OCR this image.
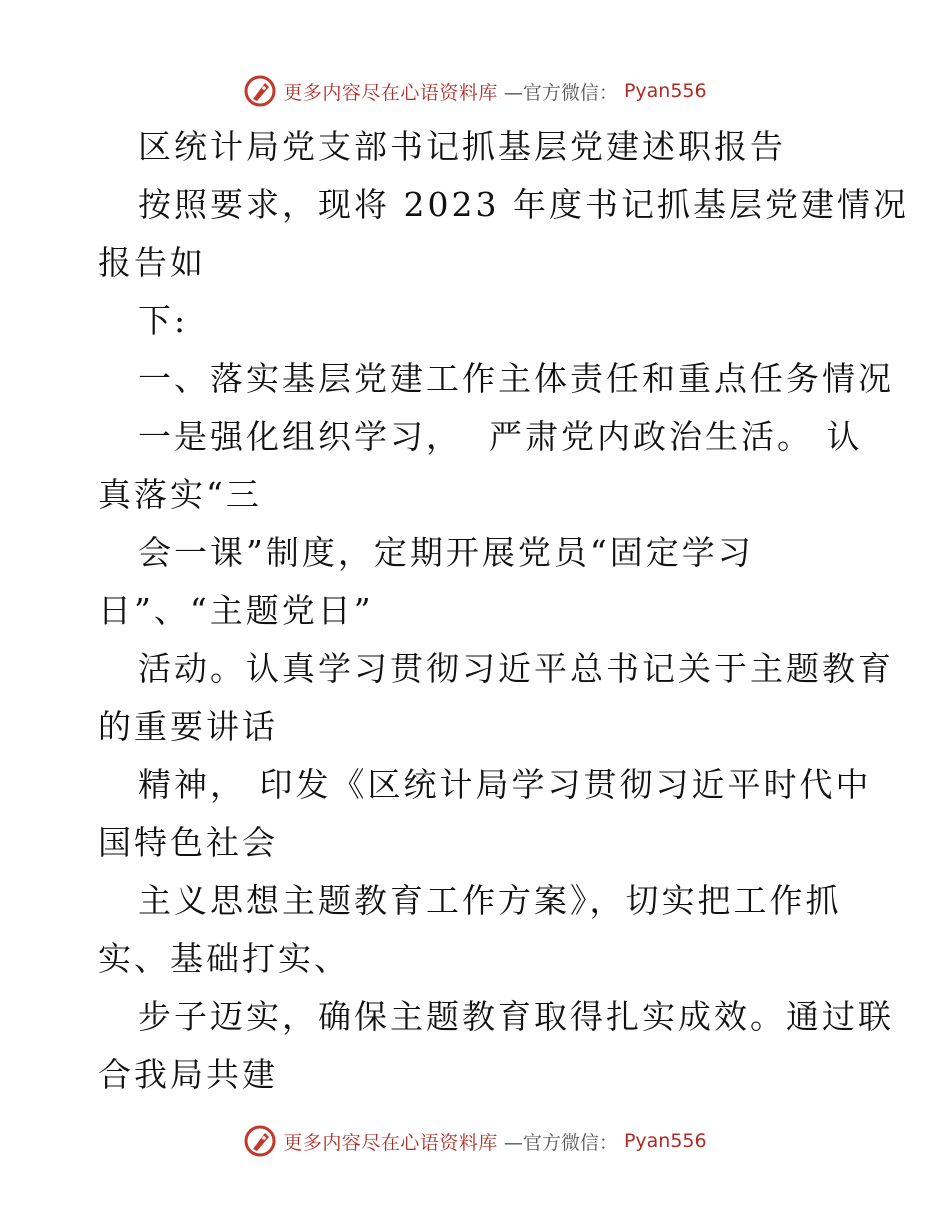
更多内容尽在心语资料库 —官方微信： Pyan556
区统计局党支部书记抓基层党建述职报告
按照要求，现将 2023 年度书记抓基层党建情况
报告如
下:
一、落实基层党建工作主体责任和重点任务情况
一是强化组织学习，  严肃党内政治生活。 认
真落实“三
会一课”制度，定期开展党员“固定学习
日”、“主题党日”
活动。认真学习贯彻习近平总书记关于主题教育
的重要讲话
精神， 印发《区统计局学习贯彻习近平时代中
国特色社会
主义思想主题教育工作方案》，切实把工作抓
实、基础打实、
步子迈实，确保主题教育取得扎实成效。通过联
合我局共建
更多内容尽在心语资料库 —官方微信： Pyan556
